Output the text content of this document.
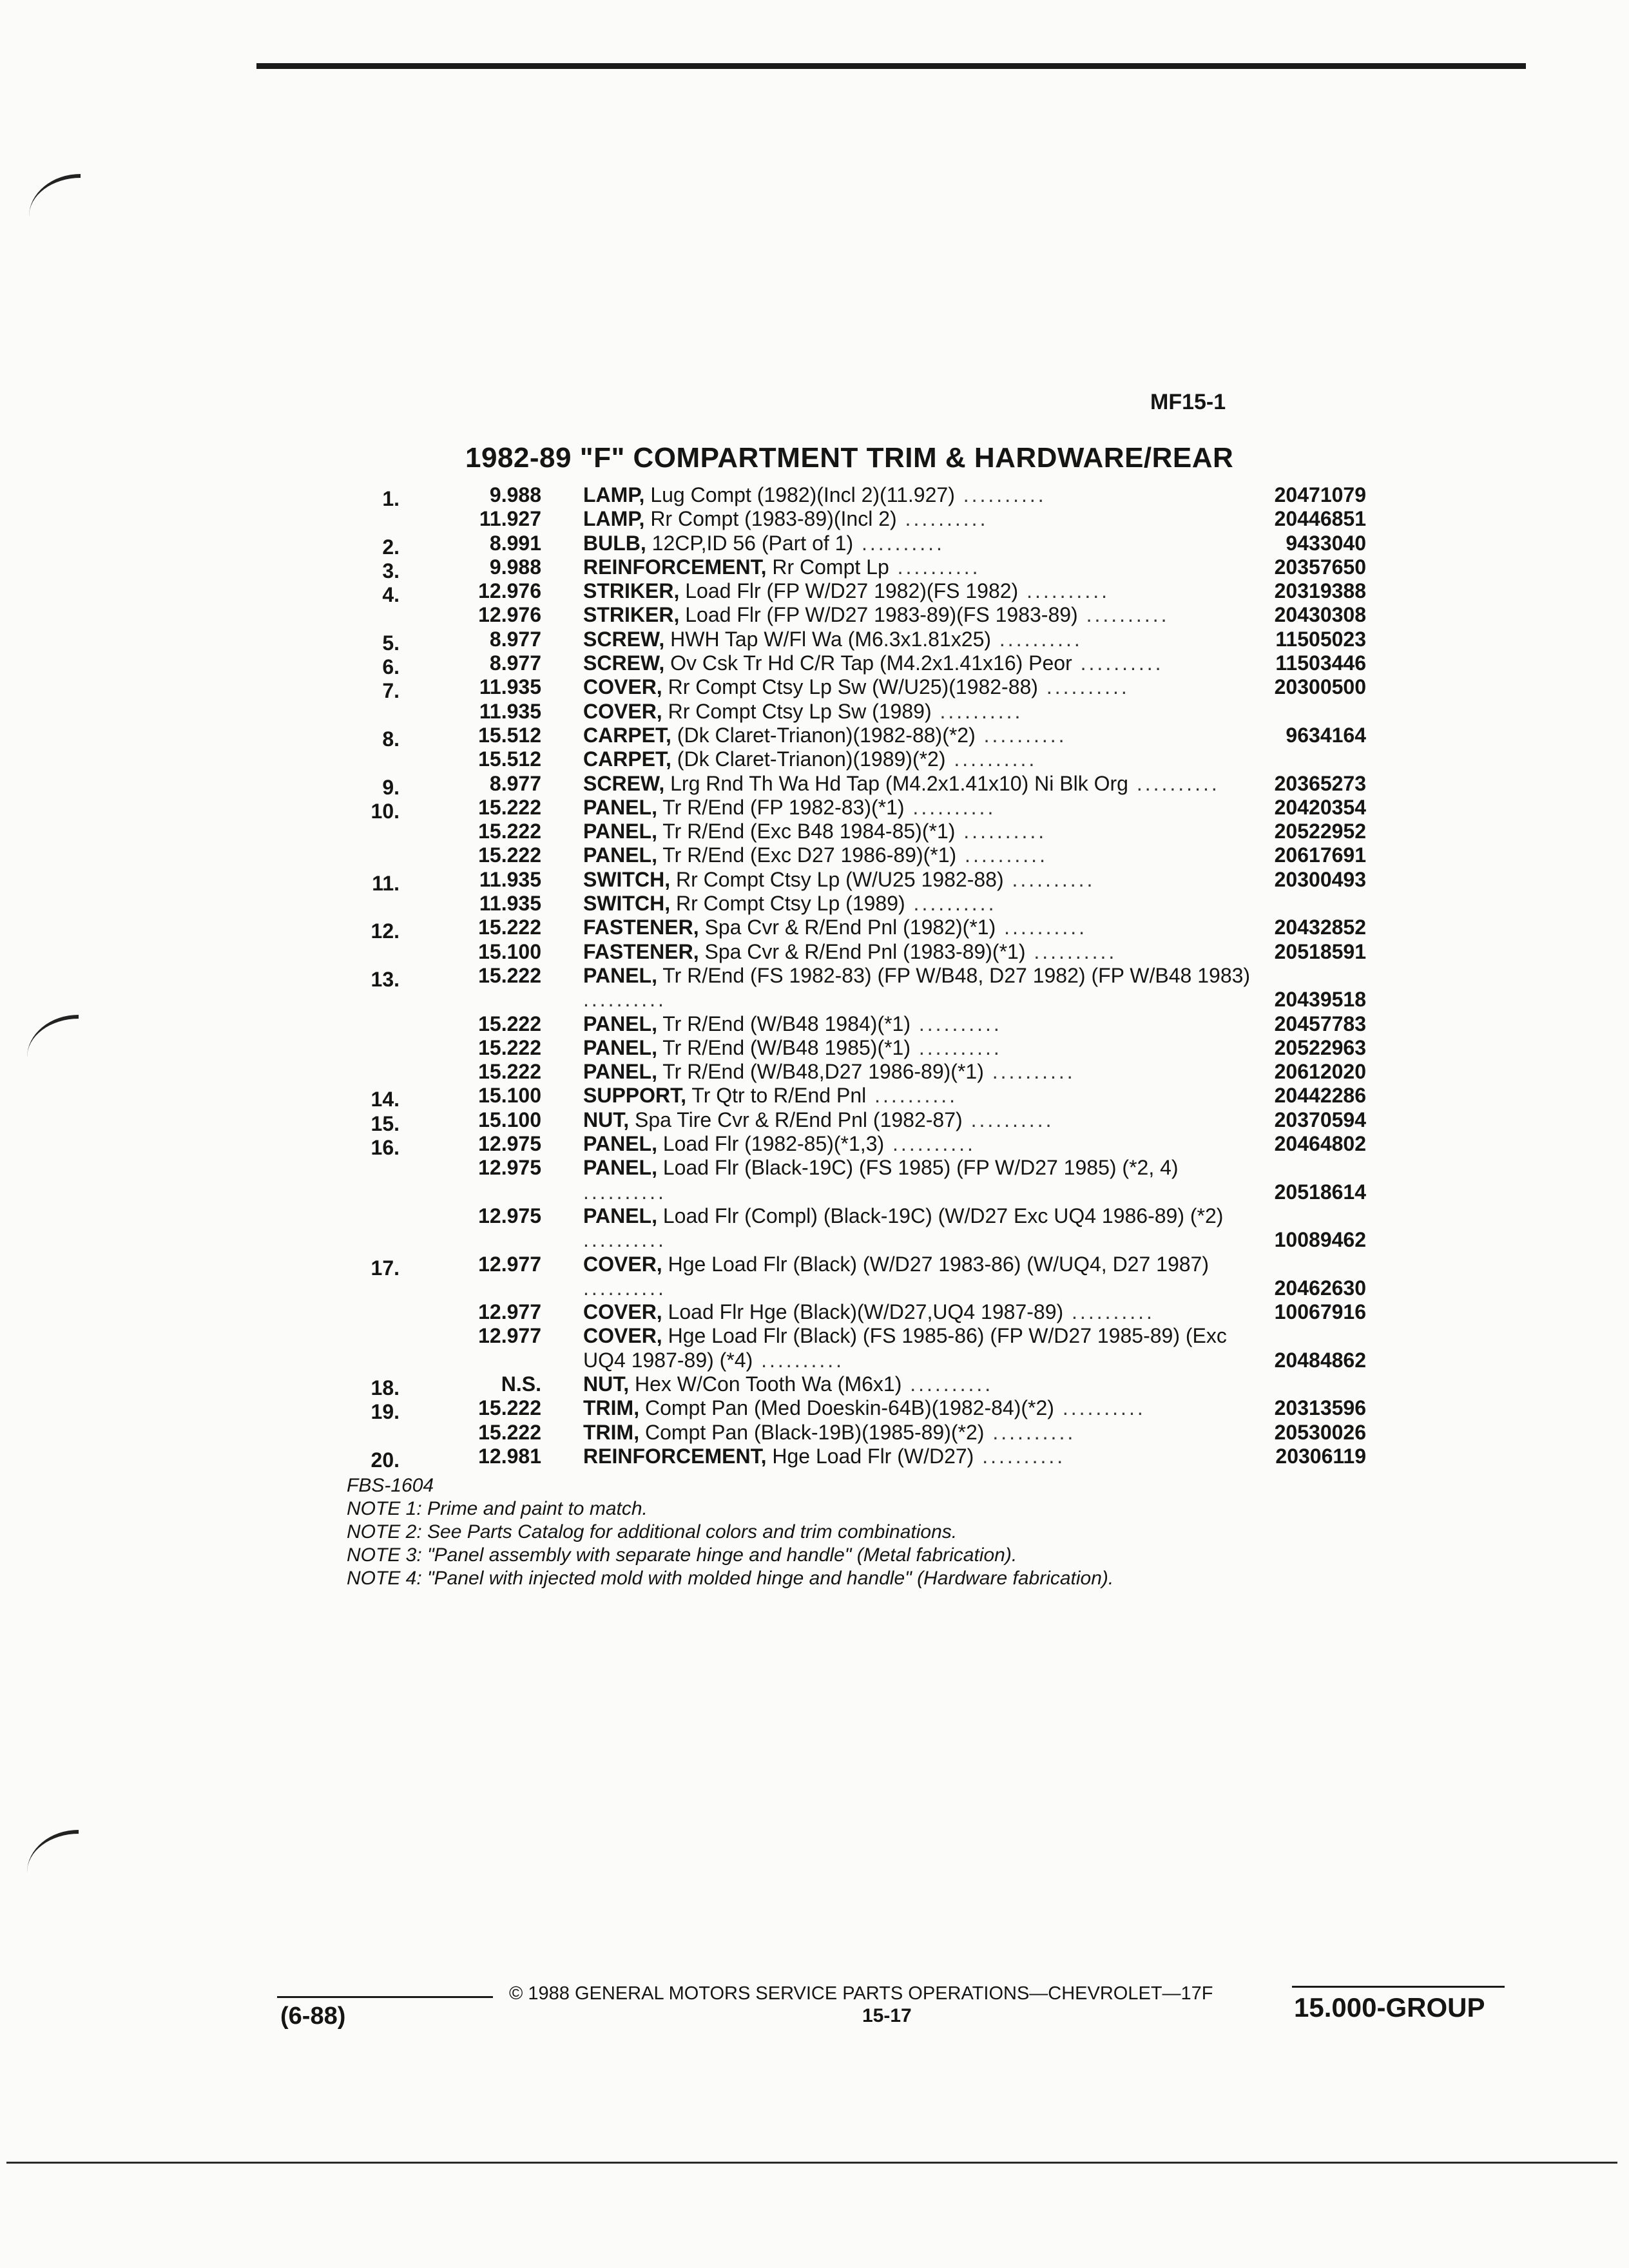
MF15-1
1982-89 "F" COMPARTMENT TRIM & HARDWARE/REAR
1.	9.988 LAMP, Lug Compt (1982)(Incl 2)(11.927) ..........	20471079
11.927 LAMP, Rr Compt (1983-89)(Incl 2) ..........	20446851
2.	8.991 BULB, 12CP,ID 56 (Part of 1) ..........	9433040
3.	9.988 REINFORCEMENT, Rr Compt Lp ..........	20357650
4.	12.976 STRIKER, Load Flr (FP W/D27 1982)(FS 1982) ..........	20319388
12.976 STRIKER, Load Flr (FP W/D27 1983-89)(FS 1983-89) ..........	20430308
5.	8.977 SCREW, HWH Tap W/Fl Wa (M6.3x1.81x25) ..........	11505023
6.	8.977 SCREW, Ov Csk Tr Hd C/R Tap (M4.2x1.41x16) Peor ..........	11503446
7.	11.935 COVER, Rr Compt Ctsy Lp Sw (W/U25)(1982-88) ..........	20300500
11.935 COVER, Rr Compt Ctsy Lp Sw (1989) ..........
8.	15.512 CARPET, (Dk Claret-Trianon)(1982-88)(*2) ..........	9634164
15.512 CARPET, (Dk Claret-Trianon)(1989)(*2) ..........
9.	8.977 SCREW, Lrg Rnd Th Wa Hd Tap (M4.2x1.41x10) Ni Blk Org ..........	20365273
10.	15.222 PANEL, Tr R/End (FP 1982-83)(*1) ..........	20420354
15.222 PANEL, Tr R/End (Exc B48 1984-85)(*1) ..........	20522952
15.222 PANEL, Tr R/End (Exc D27 1986-89)(*1) ..........	20617691
11.	11.935 SWITCH, Rr Compt Ctsy Lp (W/U25 1982-88) ..........	20300493
11.935 SWITCH, Rr Compt Ctsy Lp (1989) ..........
12.	15.222 FASTENER, Spa Cvr & R/End Pnl (1982)(*1) ..........	20432852
15.100 FASTENER, Spa Cvr & R/End Pnl (1983-89)(*1) ..........	20518591
13.	15.222 PANEL, Tr R/End (FS 1982-83) (FP W/B48, D27 1982) (FP W/B48 1983) ..........	20439518
15.222 PANEL, Tr R/End (W/B48 1984)(*1) ..........	20457783
15.222 PANEL, Tr R/End (W/B48 1985)(*1) ..........	20522963
15.222 PANEL, Tr R/End (W/B48,D27 1986-89)(*1) ..........	20612020
14.	15.100 SUPPORT, Tr Qtr to R/End Pnl ..........	20442286
15.	15.100 NUT, Spa Tire Cvr & R/End Pnl (1982-87) ..........	20370594
16.	12.975 PANEL, Load Flr (1982-85)(*1,3) ..........	20464802
12.975 PANEL, Load Flr (Black-19C) (FS 1985) (FP W/D27 1985) (*2, 4) ..........	20518614
12.975 PANEL, Load Flr (Compl) (Black-19C) (W/D27 Exc UQ4 1986-89) (*2) ..........	10089462
17.	12.977 COVER, Hge Load Flr (Black) (W/D27 1983-86) (W/UQ4, D27 1987) ..........	20462630
12.977 COVER, Load Flr Hge (Black)(W/D27,UQ4 1987-89) ..........	10067916
12.977 COVER, Hge Load Flr (Black) (FS 1985-86) (FP W/D27 1985-89) (Exc UQ4 1987-89) (*4) ..........	20484862
18.	N.S. NUT, Hex W/Con Tooth Wa (M6x1) ..........
19.	15.222 TRIM, Compt Pan (Med Doeskin-64B)(1982-84)(*2) ..........	20313596
15.222 TRIM, Compt Pan (Black-19B)(1985-89)(*2) ..........	20530026
20.	12.981 REINFORCEMENT, Hge Load Flr (W/D27) ..........	20306119
FBS-1604
NOTE 1: Prime and paint to match.
NOTE 2: See Parts Catalog for additional colors and trim combinations.
NOTE 3: "Panel assembly with separate hinge and handle" (Metal fabrication).
NOTE 4: "Panel with injected mold with molded hinge and handle" (Hardware fabrication).
© 1988 GENERAL MOTORS SERVICE PARTS OPERATIONS—CHEVROLET—17F
15-17
(6-88)	15.000-GROUP
